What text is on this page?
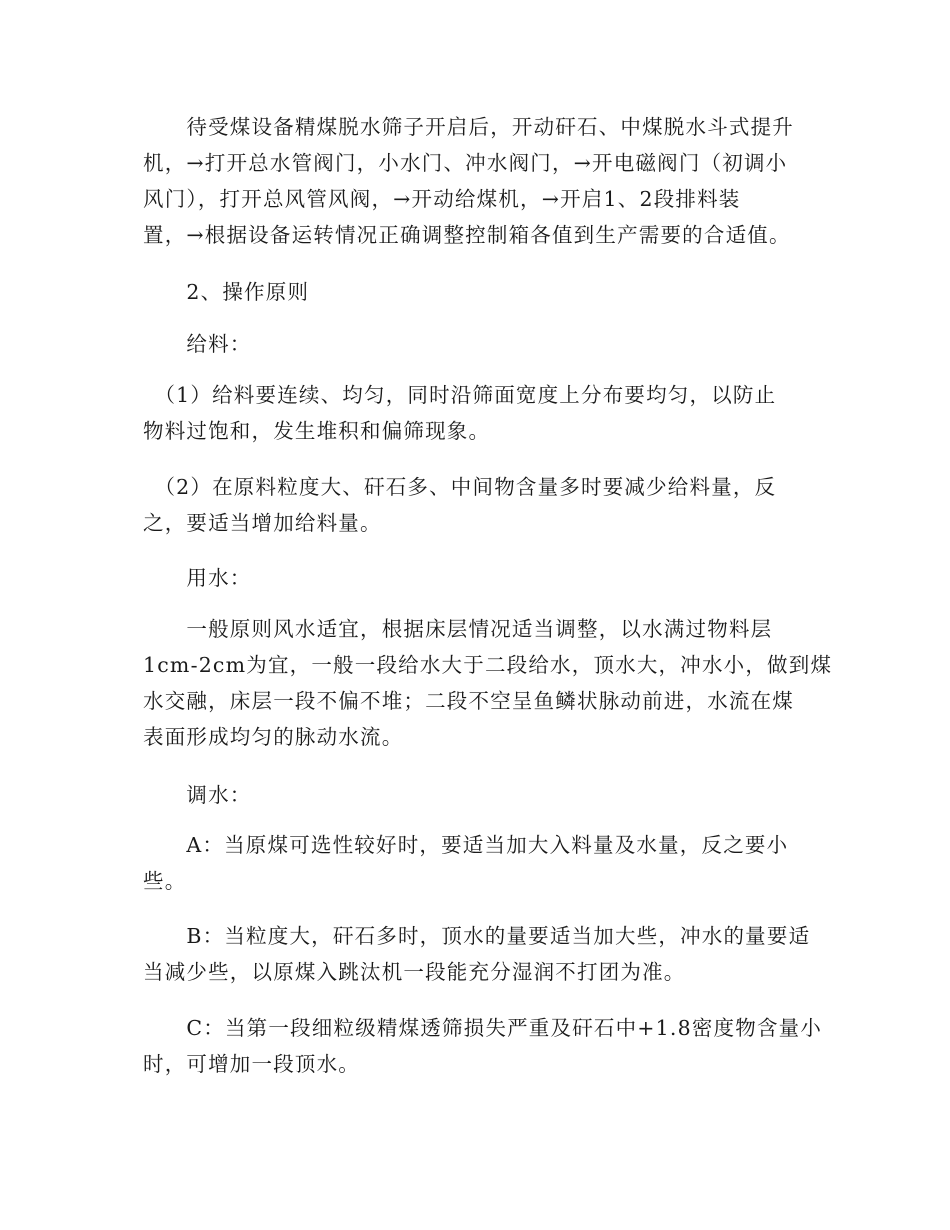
　　待受煤设备精煤脱水筛子开启后，开动矸石、中煤脱水斗式提升
机，→打开总水管阀门，小水门、冲水阀门，→开电磁阀门（初调小
风门），打开总风管风阀，→开动给煤机，→开启1、2段排料装
置，→根据设备运转情况正确调整控制箱各值到生产需要的合适值。
　　2、操作原则
　　给料：
　（1）给料要连续、均匀，同时沿筛面宽度上分布要均匀，以防止
物料过饱和，发生堆积和偏筛现象。
　（2）在原料粒度大、矸石多、中间物含量多时要减少给料量，反
之，要适当增加给料量。
　　用水：
　　一般原则风水适宜，根据床层情况适当调整，以水满过物料层
1cm-2cm为宜，一般一段给水大于二段给水，顶水大，冲水小，做到煤
水交融，床层一段不偏不堆；二段不空呈鱼鳞状脉动前进，水流在煤
表面形成均匀的脉动水流。
　　调水：
　　A：当原煤可选性较好时，要适当加大入料量及水量，反之要小
些。
　　B：当粒度大，矸石多时，顶水的量要适当加大些，冲水的量要适
当减少些，以原煤入跳汰机一段能充分湿润不打团为准。
　　C：当第一段细粒级精煤透筛损失严重及矸石中+1.8密度物含量小
时，可增加一段顶水。
